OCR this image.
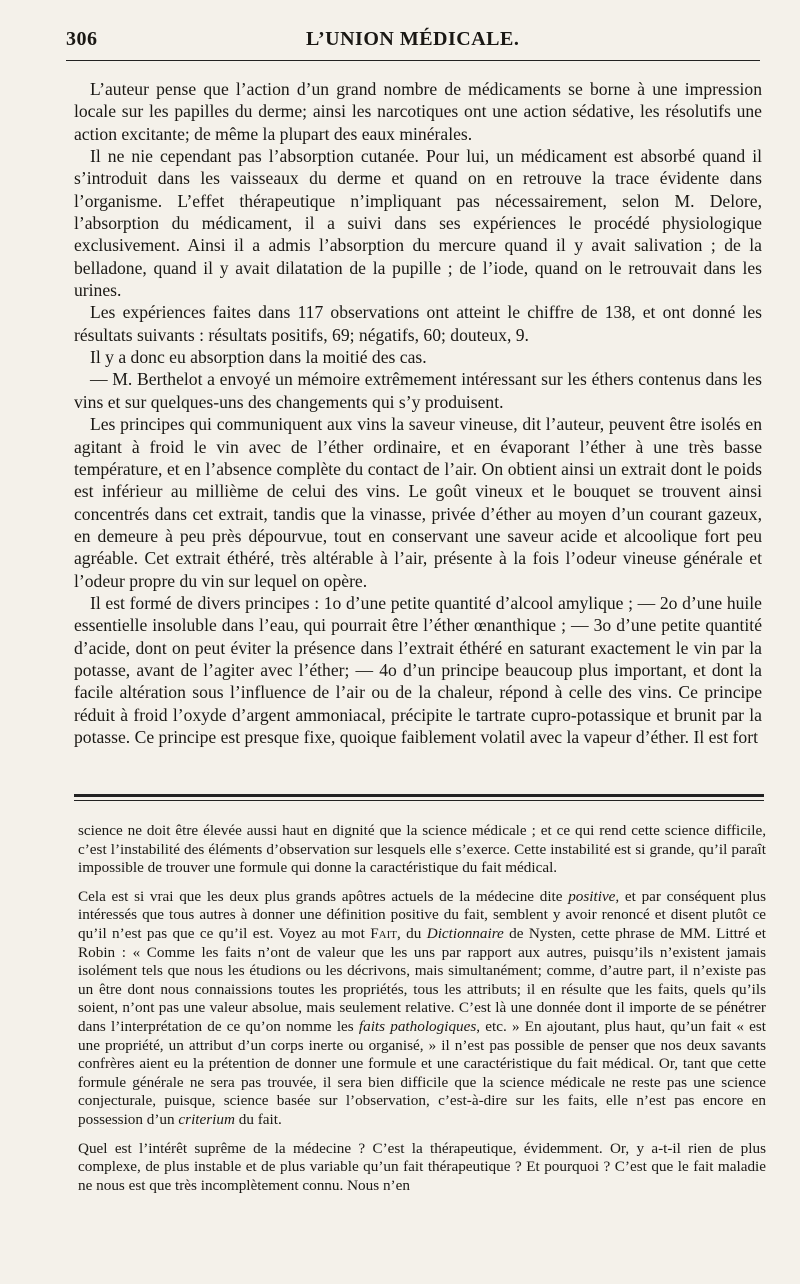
306	L’UNION MÉDICALE.

L’auteur pense que l’action d’un grand nombre de médicaments se borne à une impression locale sur les papilles du derme; ainsi les narcotiques ont une action sédative, les résolutifs une action excitante; de même la plupart des eaux minérales.

Il ne nie cependant pas l’absorption cutanée. Pour lui, un médicament est absorbé quand il s’introduit dans les vaisseaux du derme et quand on en retrouve la trace évidente dans l’organisme. L’effet thérapeutique n’impliquant pas nécessairement, selon M. Delore, l’absorption du médicament, il a suivi dans ses expériences le procédé physiologique exclusivement. Ainsi il a admis l’absorption du mercure quand il y avait salivation ; de la belladone, quand il y avait dilatation de la pupille ; de l’iode, quand on le retrouvait dans les urines.

Les expériences faites dans 117 observations ont atteint le chiffre de 138, et ont donné les résultats suivants : résultats positifs, 69; négatifs, 60; douteux, 9.

Il y a donc eu absorption dans la moitié des cas.

— M. Berthelot a envoyé un mémoire extrêmement intéressant sur les éthers contenus dans les vins et sur quelques-uns des changements qui s’y produisent.

Les principes qui communiquent aux vins la saveur vineuse, dit l’auteur, peuvent être isolés en agitant à froid le vin avec de l’éther ordinaire, et en évaporant l’éther à une très basse température, et en l’absence complète du contact de l’air. On obtient ainsi un extrait dont le poids est inférieur au millième de celui des vins. Le goût vineux et le bouquet se trouvent ainsi concentrés dans cet extrait, tandis que la vinasse, privée d’éther au moyen d’un courant gazeux, en demeure à peu près dépourvue, tout en conservant une saveur acide et alcoolique fort peu agréable. Cet extrait éthéré, très altérable à l’air, présente à la fois l’odeur vineuse générale et l’odeur propre du vin sur lequel on opère.

Il est formé de divers principes : 1o d’une petite quantité d’alcool amylique ; — 2o d’une huile essentielle insoluble dans l’eau, qui pourrait être l’éther œnanthique ; — 3o d’une petite quantité d’acide, dont on peut éviter la présence dans l’extrait éthéré en saturant exactement le vin par la potasse, avant de l’agiter avec l’éther; — 4o d’un principe beaucoup plus important, et dont la facile altération sous l’influence de l’air ou de la chaleur, répond à celle des vins. Ce principe réduit à froid l’oxyde d’argent ammoniacal, précipite le tartrate cupro-potassique et brunit par la potasse. Ce principe est presque fixe, quoique faiblement volatil avec la vapeur d’éther. Il est fort

science ne doit être élevée aussi haut en dignité que la science médicale ; et ce qui rend cette science difficile, c’est l’instabilité des éléments d’observation sur lesquels elle s’exerce. Cette instabilité est si grande, qu’il paraît impossible de trouver une formule qui donne la caractéristique du fait médical.

Cela est si vrai que les deux plus grands apôtres actuels de la médecine dite positive, et par conséquent plus intéressés que tous autres à donner une définition positive du fait, semblent y avoir renoncé et disent plutôt ce qu’il n’est pas que ce qu’il est. Voyez au mot Fait, du Dictionnaire de Nysten, cette phrase de MM. Littré et Robin : « Comme les faits n’ont de valeur que les uns par rapport aux autres, puisqu’ils n’existent jamais isolément tels que nous les étudions ou les décrivons, mais simultanément; comme, d’autre part, il n’existe pas un être dont nous connaissions toutes les propriétés, tous les attributs; il en résulte que les faits, quels qu’ils soient, n’ont pas une valeur absolue, mais seulement relative. C’est là une donnée dont il importe de se pénétrer dans l’interprétation de ce qu’on nomme les faits pathologiques, etc. » En ajoutant, plus haut, qu’un fait « est une propriété, un attribut d’un corps inerte ou organisé, » il n’est pas possible de penser que nos deux savants confrères aient eu la prétention de donner une formule et une caractéristique du fait médical. Or, tant que cette formule générale ne sera pas trouvée, il sera bien difficile que la science médicale ne reste pas une science conjecturale, puisque, science basée sur l’observation, c’est-à-dire sur les faits, elle n’est pas encore en possession d’un criterium du fait.

Quel est l’intérêt suprême de la médecine ? C’est la thérapeutique, évidemment. Or, y a-t-il rien de plus complexe, de plus instable et de plus variable qu’un fait thérapeutique ? Et pourquoi ? C’est que le fait maladie ne nous est que très incomplètement connu. Nous n’en
